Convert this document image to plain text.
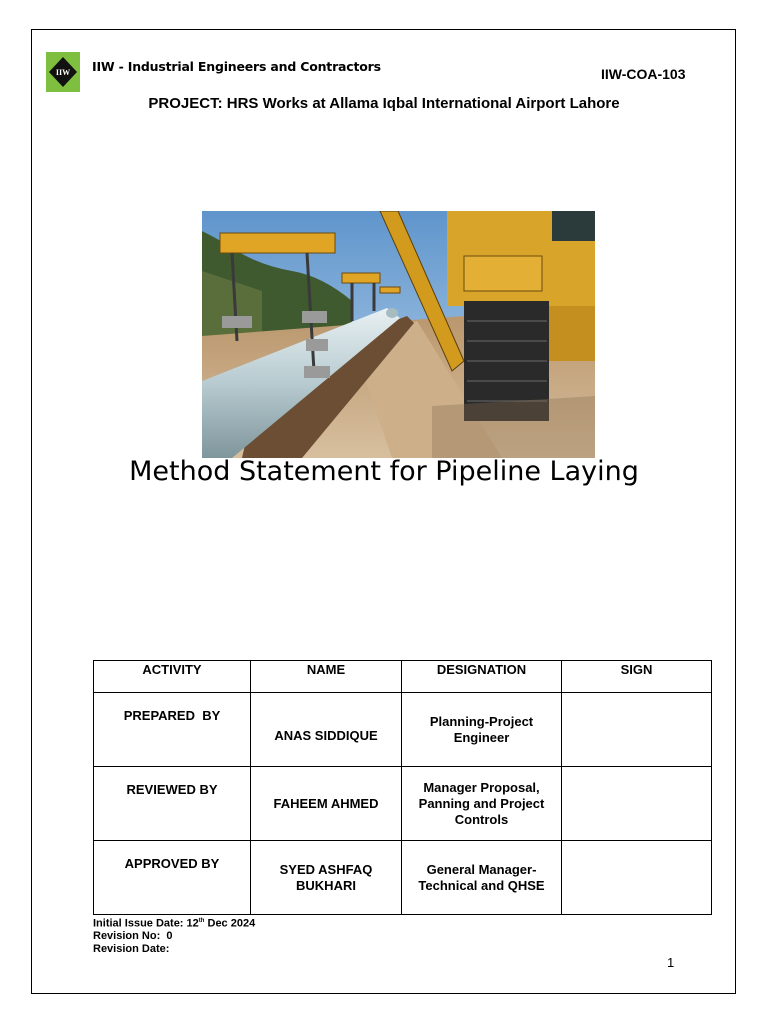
IIW IIW - Industrial Engineers and Contractors	IIW-COA-103
PROJECT: HRS Works at Allama Iqbal International Airport Lahore
Method Statement for Pipeline Laying
ACTIVITY	NAME	DESIGNATION	SIGN
PREPARED  BY	ANAS SIDDIQUE	Planning-Project Engineer	
REVIEWED BY	FAHEEM AHMED	Manager Proposal, Panning and Project Controls	
APPROVED BY	SYED ASHFAQ BUKHARI	General Manager-Technical and QHSE	
Initial Issue Date: 12th Dec 2024
Revision No:  0
Revision Date:
1
